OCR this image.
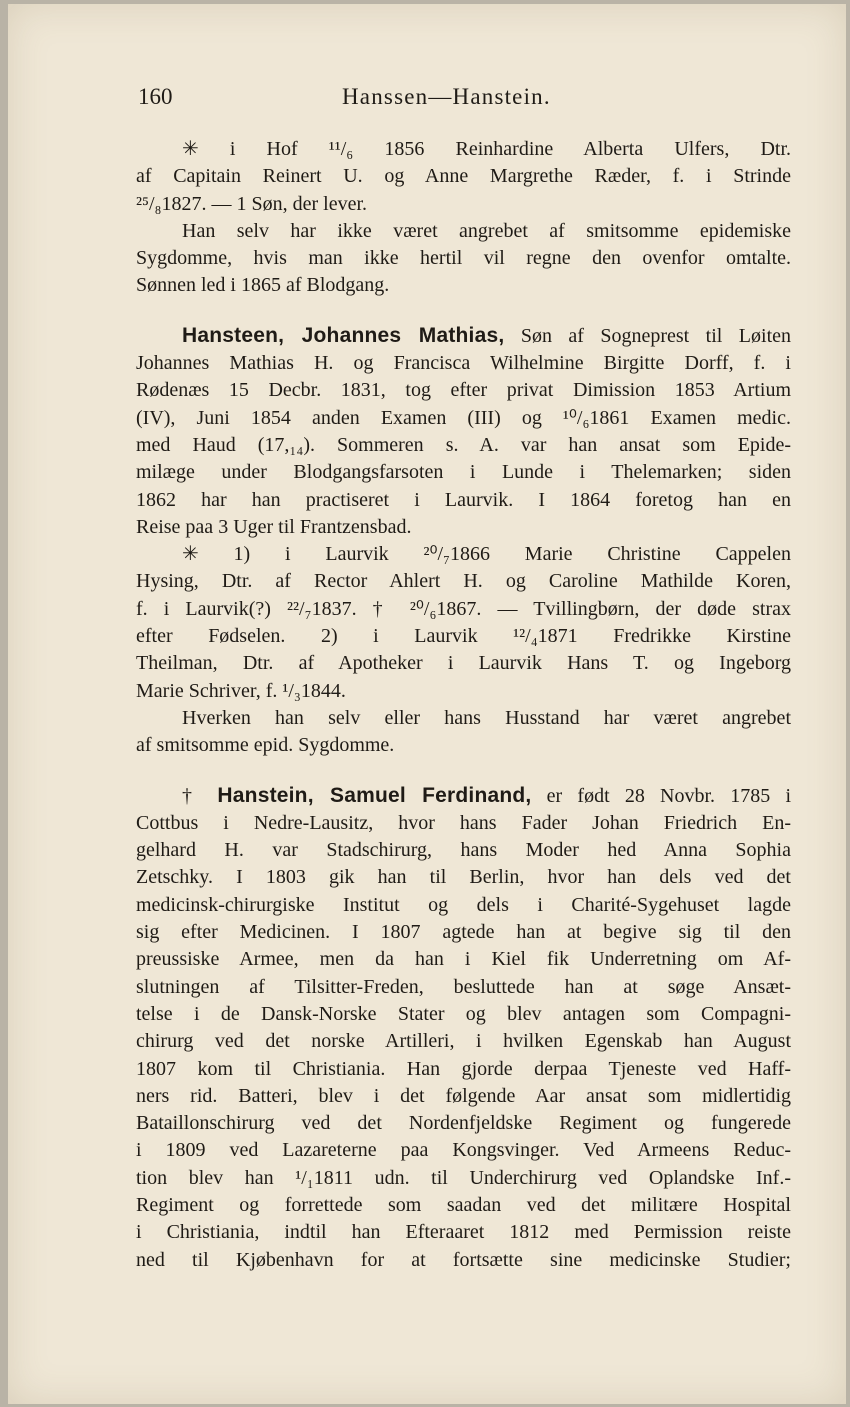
160	Hanssen—Hanstein.
✳ i Hof ¹¹/₆ 1856 Reinhardine Alberta Ulfers, Dtr.
af Capitain Reinert U. og Anne Margrethe Ræder, f. i Strinde
²⁵/₈1827. — 1 Søn, der lever.
Han selv har ikke været angrebet af smitsomme epidemiske
Sygdomme, hvis man ikke hertil vil regne den ovenfor omtalte.
Sønnen led i 1865 af Blodgang.
Hansteen, Johannes Mathias, Søn af Sogneprest til Løiten
Johannes Mathias H. og Francisca Wilhelmine Birgitte Dorff, f. i
Rødenæs 15 Decbr. 1831, tog efter privat Dimission 1853 Artium
(IV), Juni 1854 anden Examen (III) og ¹⁰/₆1861 Examen medic.
med Haud (17,₁₄). Sommeren s. A. var han ansat som Epide-
milæge under Blodgangsfarsoten i Lunde i Thelemarken; siden
1862 har han practiseret i Laurvik. I 1864 foretog han en
Reise paa 3 Uger til Frantzensbad.
✳ 1) i Laurvik ²⁰/₇1866 Marie Christine Cappelen
Hysing, Dtr. af Rector Ahlert H. og Caroline Mathilde Koren,
f. i Laurvik(?) ²²/₇1837. † ²⁰/₆1867. — Tvillingbørn, der døde strax
efter Fødselen. 2) i Laurvik ¹²/₄1871 Fredrikke Kirstine
Theilman, Dtr. af Apotheker i Laurvik Hans T. og Ingeborg
Marie Schriver, f. ¹/₃1844.
Hverken han selv eller hans Husstand har været angrebet
af smitsomme epid. Sygdomme.
† Hanstein, Samuel Ferdinand, er født 28 Novbr. 1785 i
Cottbus i Nedre-Lausitz, hvor hans Fader Johan Friedrich En-
gelhard H. var Stadschirurg, hans Moder hed Anna Sophia
Zetschky. I 1803 gik han til Berlin, hvor han dels ved det
medicinsk-chirurgiske Institut og dels i Charité-Sygehuset lagde
sig efter Medicinen. I 1807 agtede han at begive sig til den
preussiske Armee, men da han i Kiel fik Underretning om Af-
slutningen af Tilsitter-Freden, besluttede han at søge Ansæt-
telse i de Dansk-Norske Stater og blev antagen som Compagni-
chirurg ved det norske Artilleri, i hvilken Egenskab han August
1807 kom til Christiania. Han gjorde derpaa Tjeneste ved Haff-
ners rid. Batteri, blev i det følgende Aar ansat som midlertidig
Bataillonschirurg ved det Nordenfjeldske Regiment og fungerede
i 1809 ved Lazareterne paa Kongsvinger. Ved Armeens Reduc-
tion blev han ¹/₁1811 udn. til Underchirurg ved Oplandske Inf.-
Regiment og forrettede som saadan ved det militære Hospital
i Christiania, indtil han Efteraaret 1812 med Permission reiste
ned til Kjøbenhavn for at fortsætte sine medicinske Studier;
